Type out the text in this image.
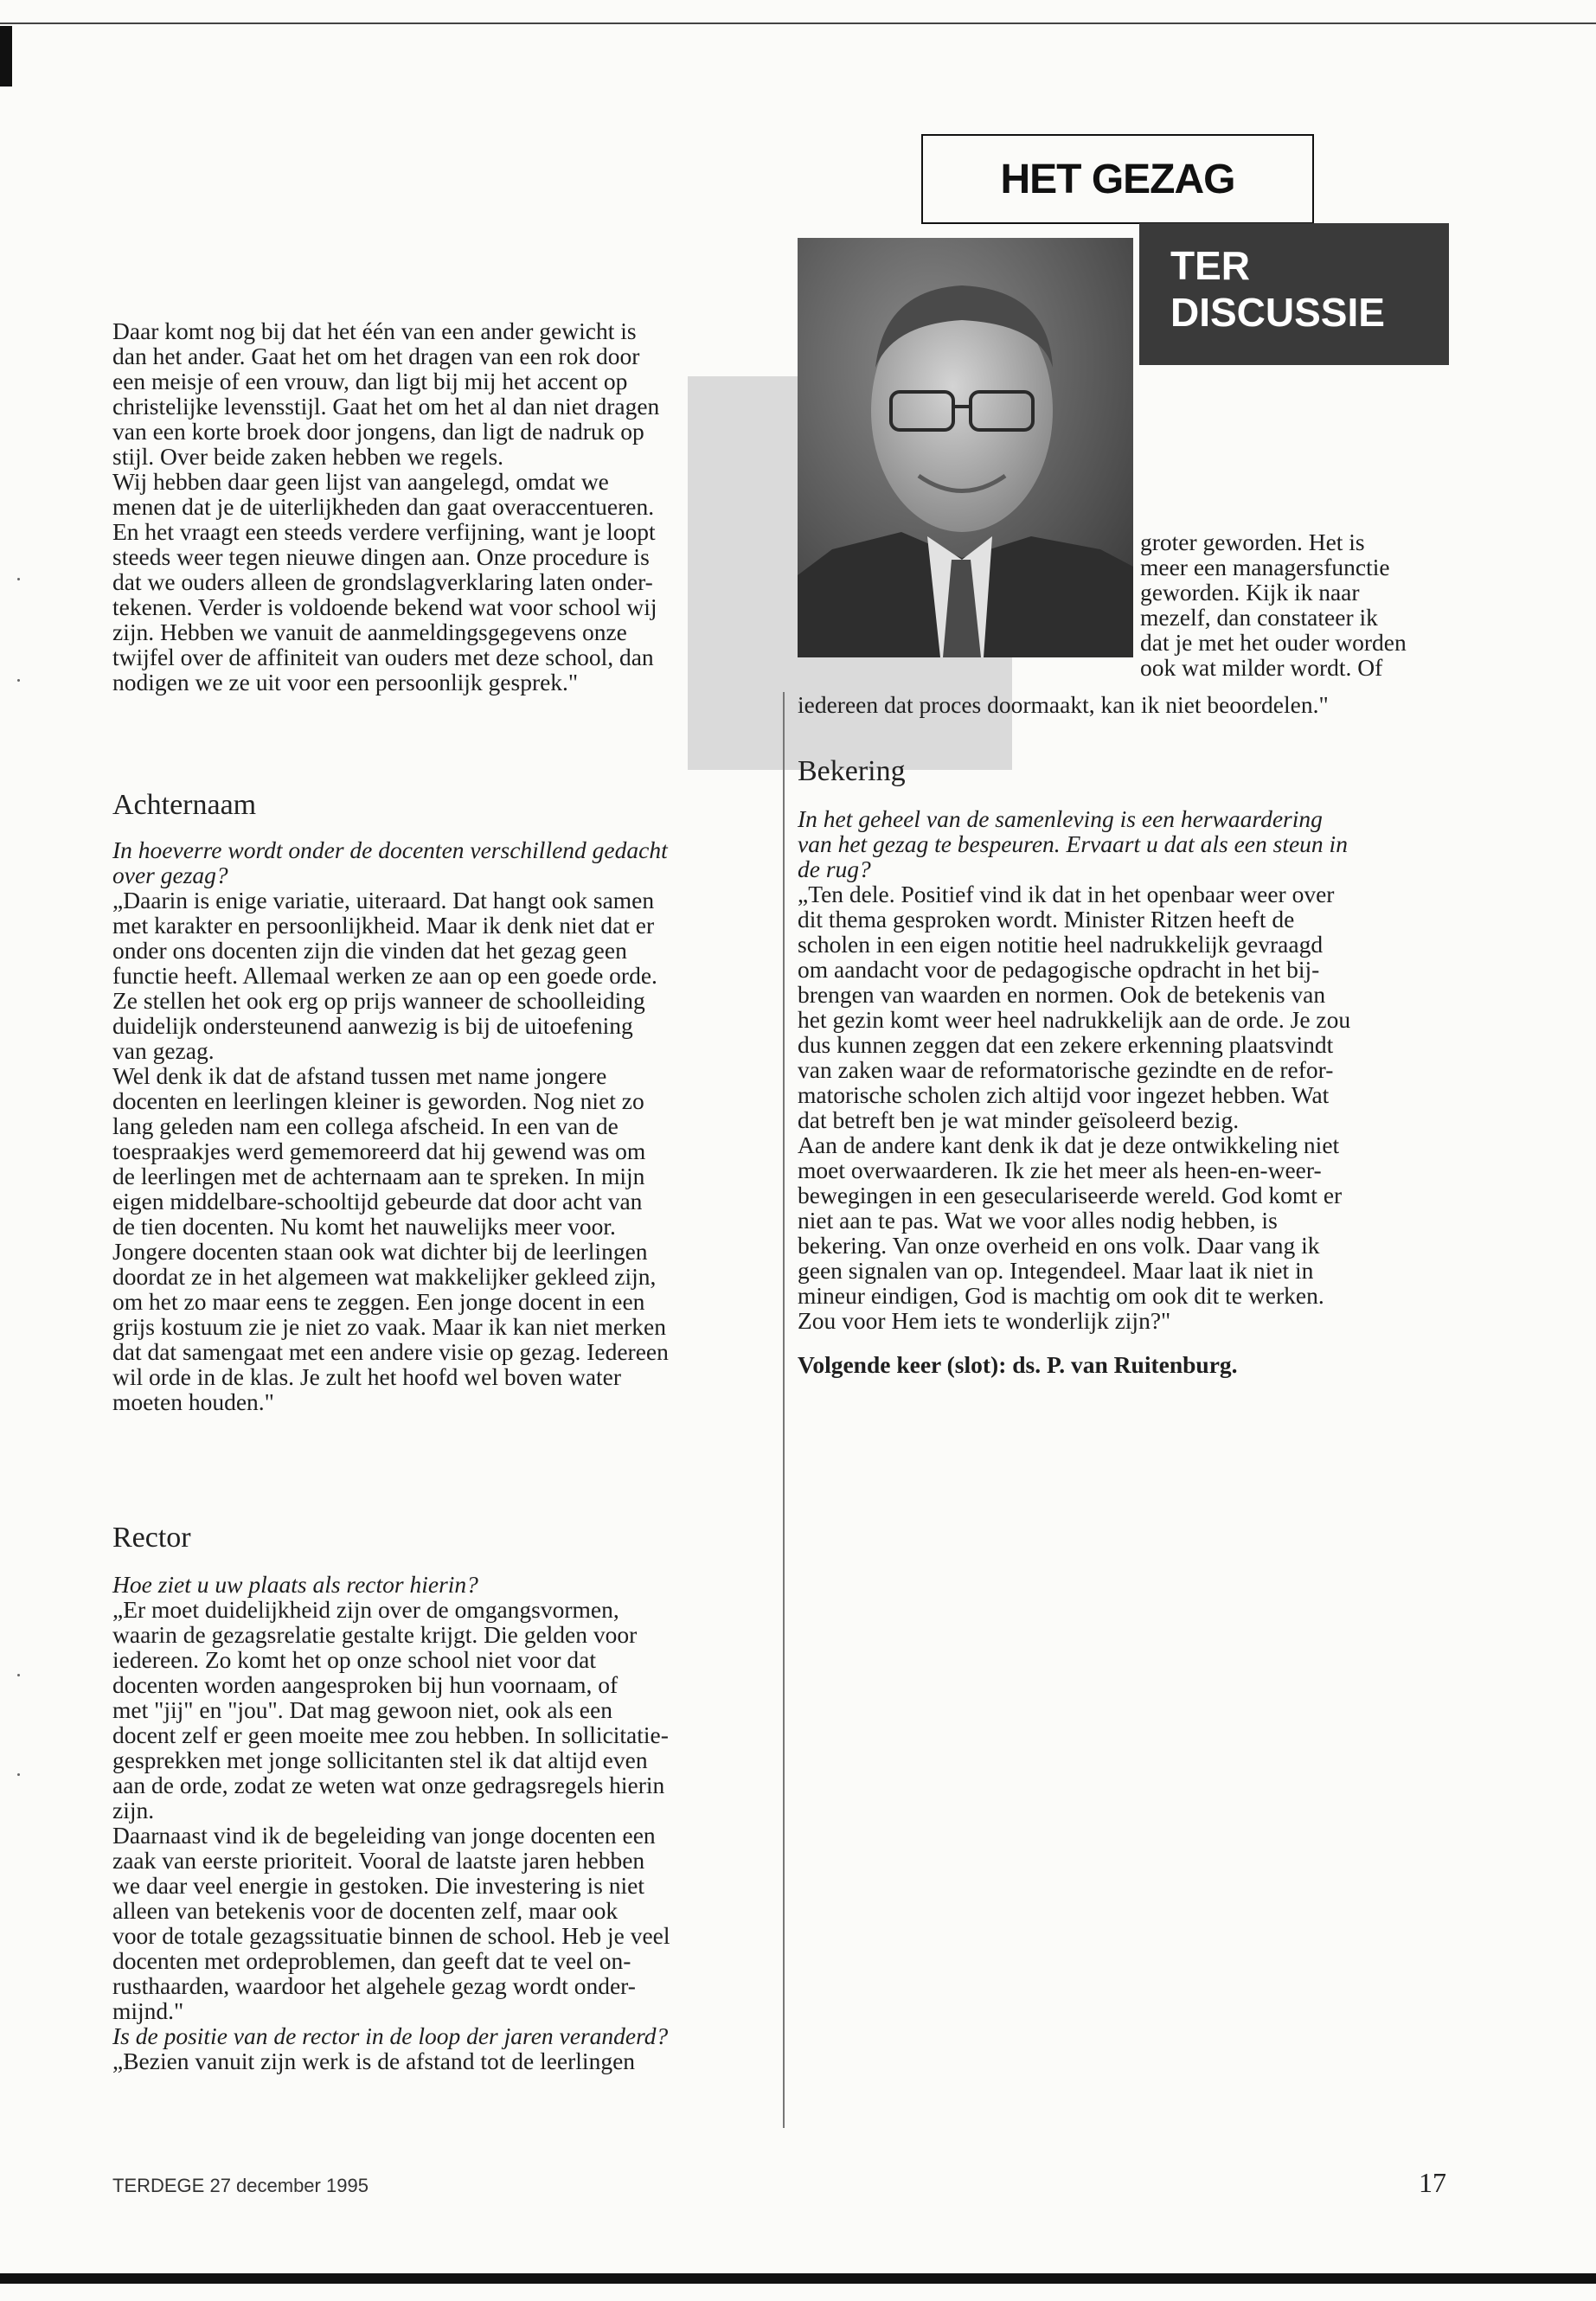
Daar komt nog bij dat het één van een ander gewicht is

dan het ander. Gaat het om het dragen van een rok door

een meisje of een vrouw, dan ligt bij mij het accent op

christelijke levensstijl. Gaat het om het al dan niet dragen

van een korte broek door jongens, dan ligt de nadruk op

stijl. Over beide zaken hebben we regels.

Wij hebben daar geen lijst van aangelegd, omdat we

menen dat je de uiterlijkheden dan gaat overaccentueren.

En het vraagt een steeds verdere verfijning, want je loopt

steeds weer tegen nieuwe dingen aan. Onze procedure is

dat we ouders alleen de grondslagverklaring laten onder-

tekenen. Verder is voldoende bekend wat voor school wij

zijn. Hebben we vanuit de aanmeldingsgegevens onze

twijfel over de affiniteit van ouders met deze school, dan

nodigen we ze uit voor een persoonlijk gesprek."

Achternaam

In hoeverre wordt onder de docenten verschillend gedacht

over gezag?

„Daarin is enige variatie, uiteraard. Dat hangt ook samen

met karakter en persoonlijkheid. Maar ik denk niet dat er

onder ons docenten zijn die vinden dat het gezag geen

functie heeft. Allemaal werken ze aan op een goede orde.

Ze stellen het ook erg op prijs wanneer de schoolleiding

duidelijk ondersteunend aanwezig is bij de uitoefening

van gezag.

Wel denk ik dat de afstand tussen met name jongere

docenten en leerlingen kleiner is geworden. Nog niet zo

lang geleden nam een collega afscheid. In een van de

toespraakjes werd gememoreerd dat hij gewend was om

de leerlingen met de achternaam aan te spreken. In mijn

eigen middelbare-schooltijd gebeurde dat door acht van

de tien docenten. Nu komt het nauwelijks meer voor.

Jongere docenten staan ook wat dichter bij de leerlingen

doordat ze in het algemeen wat makkelijker gekleed zijn,

om het zo maar eens te zeggen. Een jonge docent in een

grijs kostuum zie je niet zo vaak. Maar ik kan niet merken

dat dat samengaat met een andere visie op gezag. Iedereen

wil orde in de klas. Je zult het hoofd wel boven water

moeten houden."

Rector

Hoe ziet u uw plaats als rector hierin?

„Er moet duidelijkheid zijn over de omgangsvormen,

waarin de gezagsrelatie gestalte krijgt. Die gelden voor

iedereen. Zo komt het op onze school niet voor dat

docenten worden aangesproken bij hun voornaam, of

met "jij" en "jou". Dat mag gewoon niet, ook als een

docent zelf er geen moeite mee zou hebben. In sollicitatie-

gesprekken met jonge sollicitanten stel ik dat altijd even

aan de orde, zodat ze weten wat onze gedragsregels hierin

zijn.

Daarnaast vind ik de begeleiding van jonge docenten een

zaak van eerste prioriteit. Vooral de laatste jaren hebben

we daar veel energie in gestoken. Die investering is niet

alleen van betekenis voor de docenten zelf, maar ook

voor de totale gezagssituatie binnen de school. Heb je veel

docenten met ordeproblemen, dan geeft dat te veel on-

rusthaarden, waardoor het algehele gezag wordt onder-

mijnd."

Is de positie van de rector in de loop der jaren veranderd?

„Bezien vanuit zijn werk is de afstand tot de leerlingen

HET GEZAG
TER
DISCUSSIE

groter geworden. Het is

meer een managersfunctie

geworden. Kijk ik naar

mezelf, dan constateer ik

dat je met het ouder worden

ook wat milder wordt. Of

iedereen dat proces doormaakt, kan ik niet beoordelen."

Bekering

In het geheel van de samenleving is een herwaardering

van het gezag te bespeuren. Ervaart u dat als een steun in

de rug?

„Ten dele. Positief vind ik dat in het openbaar weer over

dit thema gesproken wordt. Minister Ritzen heeft de

scholen in een eigen notitie heel nadrukkelijk gevraagd

om aandacht voor de pedagogische opdracht in het bij-

brengen van waarden en normen. Ook de betekenis van

het gezin komt weer heel nadrukkelijk aan de orde. Je zou

dus kunnen zeggen dat een zekere erkenning plaatsvindt

van zaken waar de reformatorische gezindte en de refor-

matorische scholen zich altijd voor ingezet hebben. Wat

dat betreft ben je wat minder geïsoleerd bezig.

Aan de andere kant denk ik dat je deze ontwikkeling niet

moet overwaarderen. Ik zie het meer als heen-en-weer-

bewegingen in een geseculariseerde wereld. God komt er

niet aan te pas. Wat we voor alles nodig hebben, is

bekering. Van onze overheid en ons volk. Daar vang ik

geen signalen van op. Integendeel. Maar laat ik niet in

mineur eindigen, God is machtig om ook dit te werken.

Zou voor Hem iets te wonderlijk zijn?"

Volgende keer (slot): ds. P. van Ruitenburg.

TERDEGE 27 december 1995	17
